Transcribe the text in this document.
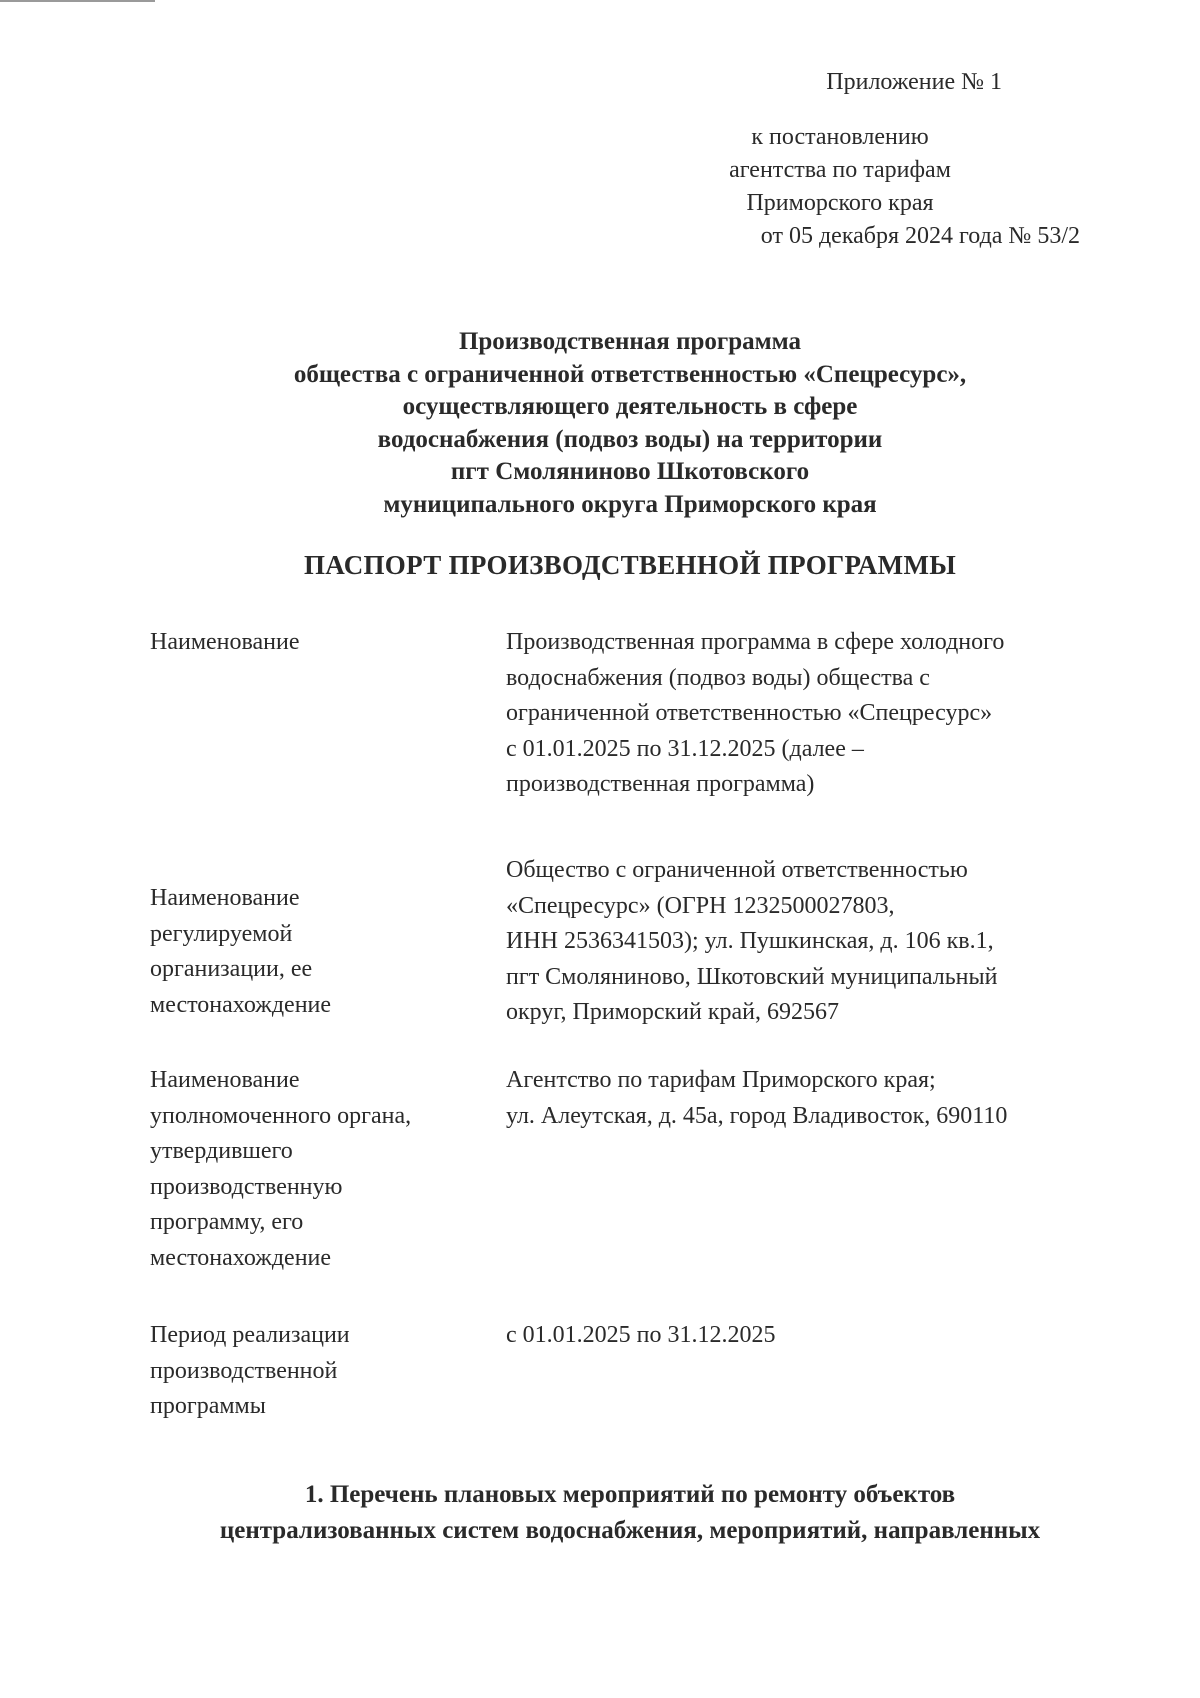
Приложение № 1
к постановлению
агентства по тарифам
Приморского края
от 05 декабря 2024 года № 53/2
Производственная программа
общества с ограниченной ответственностью «Спецресурс»,
осуществляющего деятельность в сфере
водоснабжения (подвоз воды) на территории
пгт Смоляниново Шкотовского
муниципального округа Приморского края
ПАСПОРТ ПРОИЗВОДСТВЕННОЙ ПРОГРАММЫ
Наименование	Производственная программа в сфере холодного
водоснабжения (подвоз воды) общества с
ограниченной ответственностью «Спецресурс»
с 01.01.2025 по 31.12.2025 (далее –
производственная программа)
Наименование
регулируемой
организации, ее
местонахождение
Общество с ограниченной ответственностью
«Спецресурс» (ОГРН 1232500027803,
ИНН 2536341503); ул. Пушкинская, д. 106 кв.1,
пгт Смоляниново, Шкотовский муниципальный
округ, Приморский край, 692567
Наименование
уполномоченного органа,
утвердившего
производственную
программу, его
местонахождение
Агентство по тарифам Приморского края;
ул. Алеутская, д. 45а, город Владивосток, 690110
Период реализации
производственной
программы
с 01.01.2025 по 31.12.2025
1. Перечень плановых мероприятий по ремонту объектов
централизованных систем водоснабжения, мероприятий, направленных
